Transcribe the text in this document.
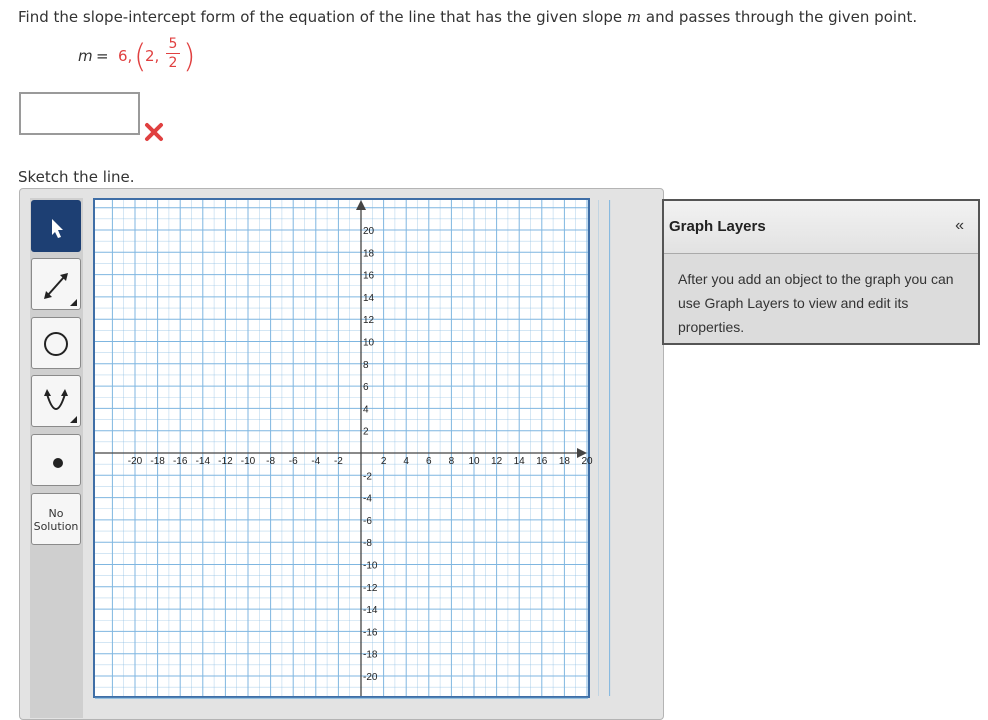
Find the slope-intercept form of the equation of the line that has the given slope m and passes through the given point.
m = 6, (
2,
5
2 )
Sketch the line.
No
Solution
-20 -18 -16 -14 -12 -10 -8 -6 -4 -2	2 4 6 8 10 12 14 16 18 20
20
18
16
14
12
10
8
6
4
2
-2
-4
-6
-8
-10
-12
-14
-16
-18
-20
Graph Layers	«
After you add an object to the graph you can use Graph Layers to view and edit its properties.
